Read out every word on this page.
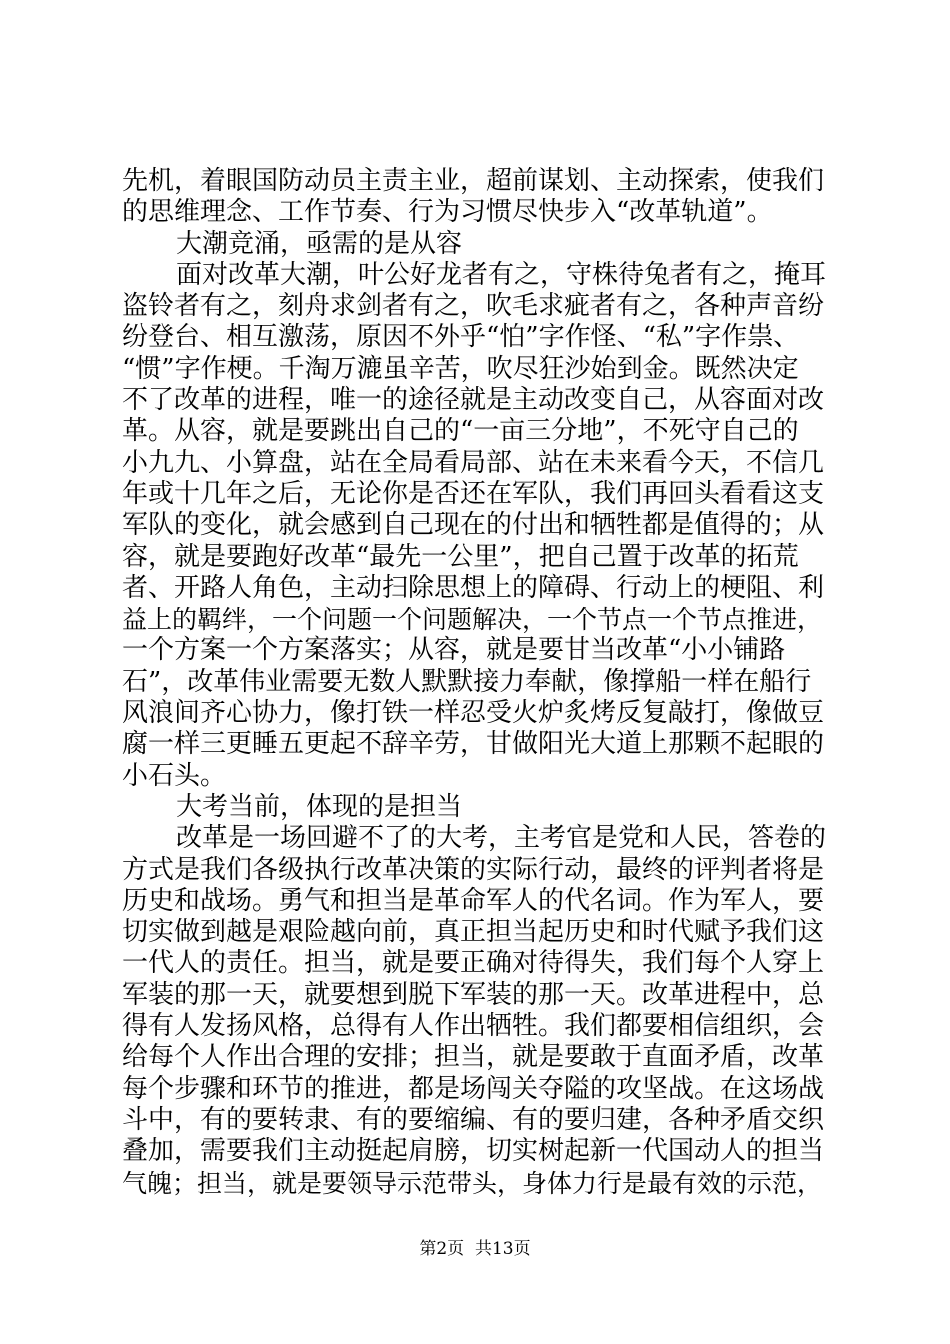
先机，着眼国防动员主责主业，超前谋划、主动探索，使我们
的思维理念、工作节奏、行为习惯尽快步入“改革轨道”。
大潮竞涌，亟需的是从容
面对改革大潮，叶公好龙者有之，守株待兔者有之，掩耳
盗铃者有之，刻舟求剑者有之，吹毛求疵者有之，各种声音纷
纷登台、相互激荡，原因不外乎“怕”字作怪、“私”字作祟、
“惯”字作梗。千淘万漉虽辛苦，吹尽狂沙始到金。既然决定
不了改革的进程，唯一的途径就是主动改变自己，从容面对改
革。从容，就是要跳出自己的“一亩三分地”，不死守自己的
小九九、小算盘，站在全局看局部、站在未来看今天，不信几
年或十几年之后，无论你是否还在军队，我们再回头看看这支
军队的变化，就会感到自己现在的付出和牺牲都是值得的；从
容，就是要跑好改革“最先一公里”，把自己置于改革的拓荒
者、开路人角色，主动扫除思想上的障碍、行动上的梗阻、利
益上的羁绊，一个问题一个问题解决，一个节点一个节点推进，
一个方案一个方案落实；从容，就是要甘当改革“小小铺路
石”，改革伟业需要无数人默默接力奉献，像撑船一样在船行
风浪间齐心协力，像打铁一样忍受火炉炙烤反复敲打，像做豆
腐一样三更睡五更起不辞辛劳，甘做阳光大道上那颗不起眼的
小石头。
大考当前，体现的是担当
改革是一场回避不了的大考，主考官是党和人民，答卷的
方式是我们各级执行改革决策的实际行动，最终的评判者将是
历史和战场。勇气和担当是革命军人的代名词。作为军人，要
切实做到越是艰险越向前，真正担当起历史和时代赋予我们这
一代人的责任。担当，就是要正确对待得失，我们每个人穿上
军装的那一天，就要想到脱下军装的那一天。改革进程中，总
得有人发扬风格，总得有人作出牺牲。我们都要相信组织，会
给每个人作出合理的安排；担当，就是要敢于直面矛盾，改革
每个步骤和环节的推进，都是场闯关夺隘的攻坚战。在这场战
斗中，有的要转隶、有的要缩编、有的要归建，各种矛盾交织
叠加，需要我们主动挺起肩膀，切实树起新一代国动人的担当
气魄；担当，就是要领导示范带头，身体力行是最有效的示范，
第2页  共13页
